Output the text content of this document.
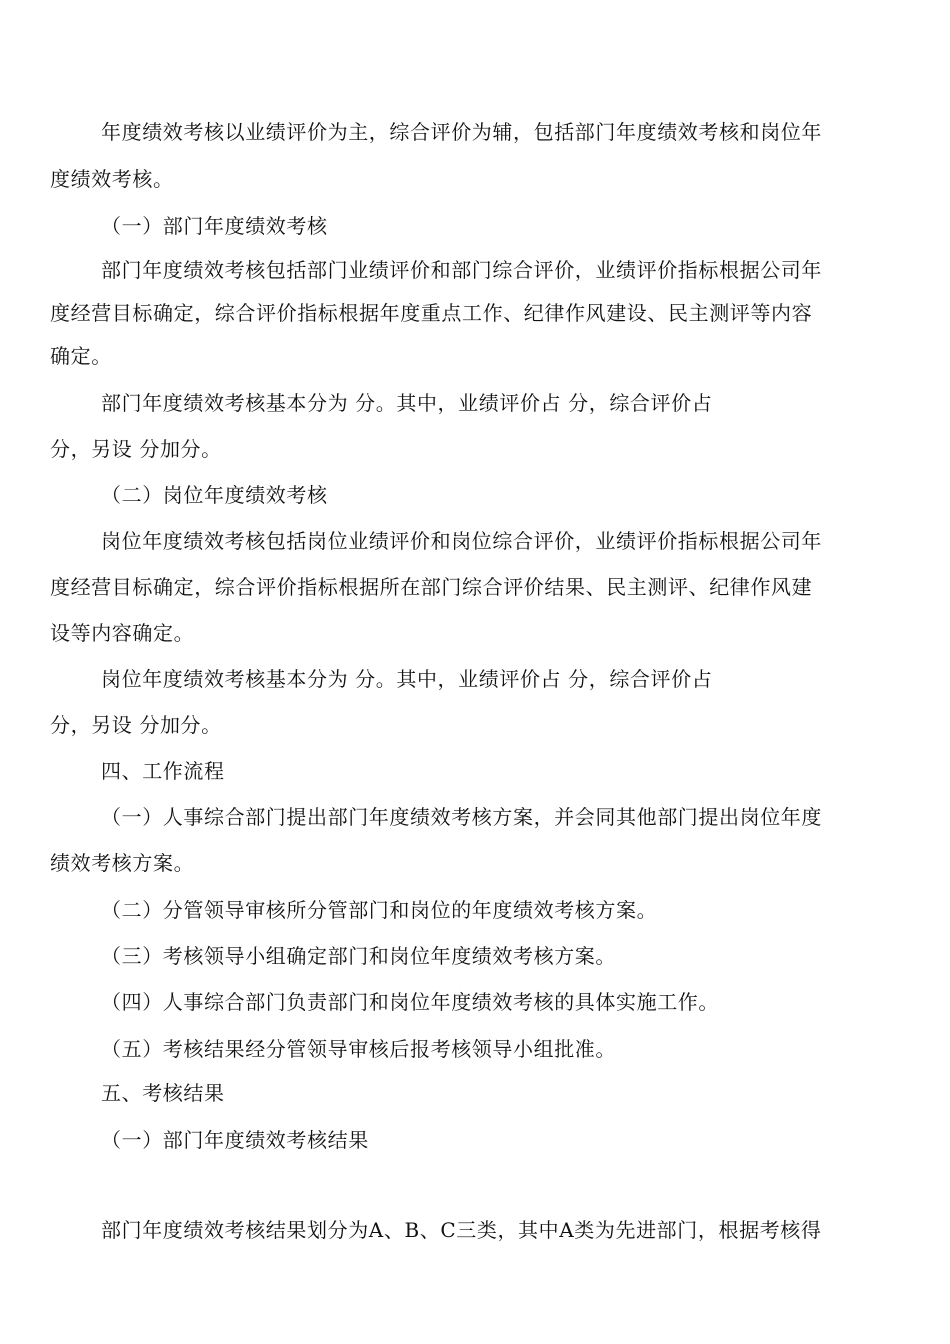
年度绩效考核以业绩评价为主，综合评价为辅，包括部门年度绩效考核和岗位年
度绩效考核。
（一）部门年度绩效考核
部门年度绩效考核包括部门业绩评价和部门综合评价，业绩评价指标根据公司年
度经营目标确定，综合评价指标根据年度重点工作、纪律作风建设、民主测评等内容
确定。
部门年度绩效考核基本分为 分。其中，业绩评价占 分，综合评价占
分，另设 分加分。
（二）岗位年度绩效考核
岗位年度绩效考核包括岗位业绩评价和岗位综合评价，业绩评价指标根据公司年
度经营目标确定，综合评价指标根据所在部门综合评价结果、民主测评、纪律作风建
设等内容确定。
岗位年度绩效考核基本分为 分。其中，业绩评价占 分，综合评价占
分，另设 分加分。
四、工作流程
（一）人事综合部门提出部门年度绩效考核方案，并会同其他部门提出岗位年度
绩效考核方案。
（二）分管领导审核所分管部门和岗位的年度绩效考核方案。
（三）考核领导小组确定部门和岗位年度绩效考核方案。
（四）人事综合部门负责部门和岗位年度绩效考核的具体实施工作。
（五）考核结果经分管领导审核后报考核领导小组批准。
五、考核结果
（一）部门年度绩效考核结果
部门年度绩效考核结果划分为A、B、C三类，其中A类为先进部门，根据考核得
